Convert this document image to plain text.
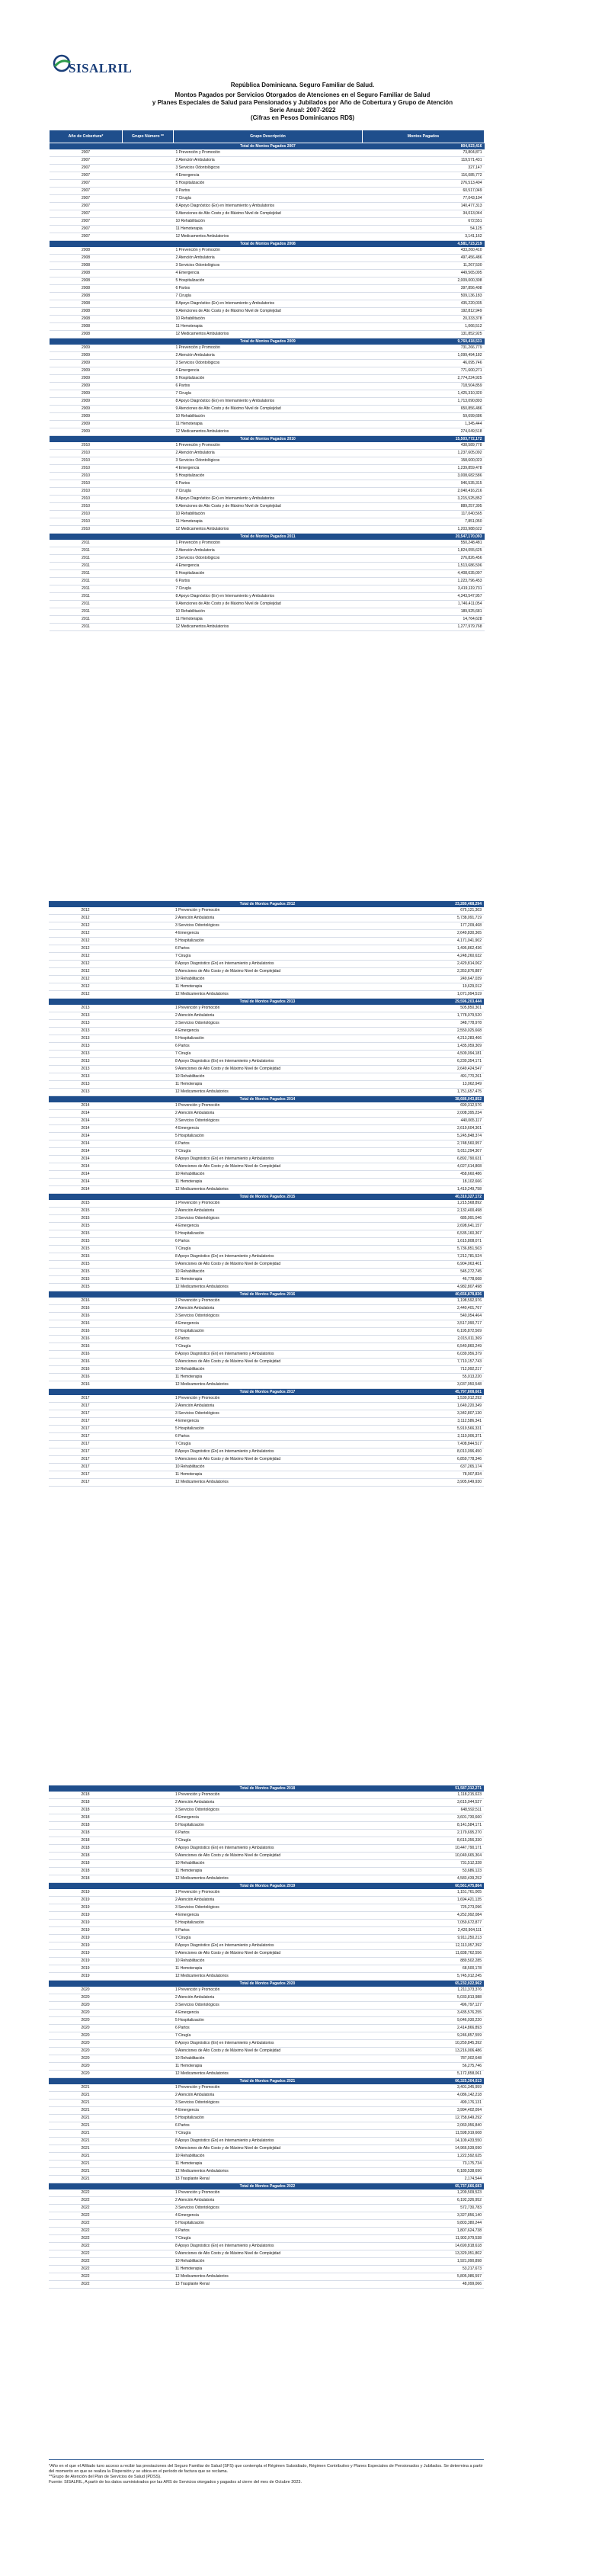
SISALRIL
República Dominicana. Seguro Familiar de Salud.
Montos Pagados por Servicios Otorgados de Atenciones en el Seguro Familiar de Salud
y Planes Especiales de Salud para Pensionados y Jubilados por Año de Cobertura y Grupo de Atención
Serie Anual: 2007-2022
(Cifras en Pesos Dominicanos RD$)
Año de Cobertura*	Grupo Número **	Grupo Descripción	Montos Pagados
		Total de Montos Pagados 2007	804,023,416
2007		1 Prevención y Promoción	73,804,871
2007		2 Atención Ambulatoria	119,571,431
2007		3 Servicios Odontológicos	327,147
2007		4 Emergencia	116,085,772
2007		5 Hospitalización	276,513,404
2007		6 Partos	60,517,049
2007		7 Cirugía	77,043,104
2007		8 Apoyo Diagnóstico (En) en Internamiento y Ambulatorios	140,477,313
2007		9 Atenciones de Alto Costo y de Máximo Nivel de Complejidad	34,013,044
2007		10 Rehabilitación	672,551
2007		11 Hemoterapia	54,125
2007		12 Medicamentos Ambulatorios	3,141,162
		Total de Montos Pagados 2008	4,581,723,219
2008		1 Prevención y Promoción	433,260,410
2008		2 Atención Ambulatoria	497,456,486
2008		3 Servicios Odontológicos	11,267,530
2008		4 Emergencia	449,565,095
2008		5 Hospitalización	2,009,000,308
2008		6 Partos	397,856,408
2008		7 Cirugía	509,136,183
2008		8 Apoyo Diagnóstico (En) en Internamiento y Ambulatorios	435,220,035
2008		9 Atenciones de Alto Costo y de Máximo Nivel de Complejidad	192,812,949
2008		10 Rehabilitación	20,333,378
2008		11 Hemoterapia	1,066,512
2008		12 Medicamentos Ambulatorios	131,852,925
		Total de Montos Pagados 2009	9,760,418,531
2009		1 Prevención y Promoción	731,266,779
2009		2 Atención Ambulatoria	1,099,494,182
2009		3 Servicios Odontológicos	46,095,746
2009		4 Emergencia	771,600,271
2009		5 Hospitalización	2,774,224,925
2009		6 Partos	718,504,859
2009		7 Cirugía	1,425,310,320
2009		8 Apoyo Diagnóstico (En) en Internamiento y Ambulatorios	1,713,090,893
2009		9 Atenciones de Alto Costo y de Máximo Nivel de Complejidad	650,856,486
2009		10 Rehabilitación	59,699,686
2009		11 Hemoterapia	1,345,444
2009		12 Medicamentos Ambulatorios	274,049,518
		Total de Montos Pagados 2010	15,503,772,172
2010		1 Prevención y Promoción	438,589,778
2010		2 Atención Ambulatoria	1,237,605,092
2010		3 Servicios Odontológicos	158,600,023
2010		4 Emergencia	1,239,859,478
2010		5 Hospitalización	3,008,682,586
2010		6 Partos	946,535,315
2010		7 Cirugía	2,040,416,216
2010		8 Apoyo Diagnóstico (En) en Internamiento y Ambulatorios	3,215,525,852
2010		9 Atenciones de Alto Costo y de Máximo Nivel de Complejidad	889,257,395
2010		10 Rehabilitación	117,040,565
2010		11 Hemoterapia	7,851,050
2010		12 Medicamentos Ambulatorios	1,203,988,622
		Total de Montos Pagados 2011	20,547,170,093
2011		1 Prevención y Promoción	550,248,481
2011		2 Atención Ambulatoria	1,824,055,625
2011		3 Servicios Odontológicos	276,826,456
2011		4 Emergencia	1,513,686,596
2011		5 Hospitalización	4,408,635,097
2011		6 Partos	1,223,796,453
2011		7 Cirugía	3,419,119,731
2011		8 Apoyo Diagnóstico (En) en Internamiento y Ambulatorios	4,343,547,957
2011		9 Atenciones de Alto Costo y de Máximo Nivel de Complejidad	1,746,411,054
2011		10 Rehabilitación	189,925,681
2011		11 Hemoterapia	14,764,628
2011		12 Medicamentos Ambulatorios	1,277,979,768
		Total de Montos Pagados 2012	23,280,468,294
2012		1 Prevención y Promoción	675,121,303
2012		2 Atención Ambulatoria	5,738,091,719
2012		3 Servicios Odontológicos	177,209,468
2012		4 Emergencia	2,649,830,365
2012		5 Hospitalización	4,171,041,902
2012		6 Partos	1,495,862,436
2012		7 Cirugía	4,248,260,632
2012		8 Apoyo Diagnóstico (En) en Internamiento y Ambulatorios	2,429,814,062
2012		9 Atenciones de Alto Costo y de Máximo Nivel de Complejidad	2,353,876,887
2012		10 Rehabilitación	249,647,039
2012		11 Hemoterapia	19,629,012
2012		12 Medicamentos Ambulatorios	1,071,994,519
		Total de Montos Pagados 2013	29,596,203,444
2013		1 Prevención y Promoción	505,850,301
2013		2 Atención Ambulatoria	1,778,079,520
2013		3 Servicios Odontológicos	348,778,978
2013		4 Emergencia	2,550,025,668
2013		5 Hospitalización	4,213,283,466
2013		6 Partos	1,435,059,309
2013		7 Cirugía	4,509,094,181
2013		8 Apoyo Diagnóstico (En) en Internamiento y Ambulatorios	6,230,354,171
2013		9 Atenciones de Alto Costo y de Máximo Nivel de Complejidad	2,649,424,547
2013		10 Rehabilitación	491,770,261
2013		11 Hemoterapia	13,062,949
2013		12 Medicamentos Ambulatorios	1,751,657,475
		Total de Montos Pagados 2014	38,686,043,852
2014		1 Prevención y Promoción	690,312,576
2014		2 Atención Ambulatoria	2,008,395,234
2014		3 Servicios Odontológicos	440,065,117
2014		4 Emergencia	2,619,604,301
2014		5 Hospitalización	5,245,848,374
2014		6 Partos	2,748,560,957
2014		7 Cirugía	5,011,294,307
2014		8 Apoyo Diagnóstico (En) en Internamiento y Ambulatorios	6,892,790,631
2014		9 Atenciones de Alto Costo y de Máximo Nivel de Complejidad	4,027,614,808
2014		10 Rehabilitación	458,660,486
2014		11 Hemoterapia	18,102,666
2014		12 Medicamentos Ambulatorios	1,419,249,758
		Total de Montos Pagados 2015	40,310,327,172
2015		1 Prevención y Promoción	1,215,568,892
2015		2 Atención Ambulatoria	2,132,400,498
2015		3 Servicios Odontológicos	685,991,046
2015		4 Emergencia	2,698,641,157
2015		5 Hospitalización	6,535,160,367
2015		6 Partos	1,615,808,071
2015		7 Cirugía	5,736,851,503
2015		8 Apoyo Diagnóstico (En) en Internamiento y Ambulatorios	7,212,781,524
2015		9 Atenciones de Alto Costo y de Máximo Nivel de Complejidad	6,904,063,401
2015		10 Rehabilitación	545,272,745
2015		11 Hemoterapia	46,778,668
2015		12 Medicamentos Ambulatorios	4,982,807,498
		Total de Montos Pagados 2016	40,656,878,836
2016		1 Prevención y Promoción	1,198,592,976
2016		2 Atención Ambulatoria	2,440,401,767
2016		3 Servicios Odontológicos	540,054,464
2016		4 Emergencia	3,517,090,717
2016		5 Hospitalización	6,195,872,569
2016		6 Partos	2,015,011,369
2016		7 Cirugía	6,540,860,249
2016		8 Apoyo Diagnóstico (En) en Internamiento y Ambulatorios	6,039,956,379
2016		9 Atenciones de Alto Costo y de Máximo Nivel de Complejidad	7,710,157,743
2016		10 Rehabilitación	712,992,217
2016		11 Hemoterapia	55,013,220
2016		12 Medicamentos Ambulatorios	3,037,950,548
		Total de Montos Pagados 2017	45,797,808,661
2017		1 Prevención y Promoción	1,530,012,292
2017		2 Atención Ambulatoria	1,649,220,349
2017		3 Servicios Odontológicos	3,342,807,130
2017		4 Emergencia	3,112,586,341
2017		5 Hospitalización	5,919,566,331
2017		6 Partos	2,110,006,371
2017		7 Cirugía	7,408,844,517
2017		8 Apoyo Diagnóstico (En) en Internamiento y Ambulatorios	8,013,096,450
2017		9 Atenciones de Alto Costo y de Máximo Nivel de Complejidad	6,859,778,346
2017		10 Rehabilitación	637,265,174
2017		11 Hemoterapia	78,907,834
2017		12 Medicamentos Ambulatorios	3,905,649,930
		Total de Montos Pagados 2018	51,587,312,271
2018		1 Prevención y Promoción	1,118,215,623
2018		2 Atención Ambulatoria	3,615,044,527
2018		3 Servicios Odontológicos	648,592,511
2018		4 Emergencia	3,601,730,660
2018		5 Hospitalización	8,141,584,171
2018		6 Partos	2,179,695,270
2018		7 Cirugía	8,615,356,330
2018		8 Apoyo Diagnóstico (En) en Internamiento y Ambulatorios	10,447,790,171
2018		9 Atenciones de Alto Costo y de Máximo Nivel de Complejidad	10,049,665,304
2018		10 Rehabilitación	731,512,328
2018		11 Hemoterapia	53,686,123
2018		12 Medicamentos Ambulatorios	4,583,439,252
		Total de Montos Pagados 2019	60,561,475,864
2019		1 Prevención y Promoción	1,151,761,005
2019		2 Atención Ambulatoria	1,694,421,135
2019		3 Servicios Odontológicos	725,273,096
2019		4 Emergencia	4,252,992,084
2019		5 Hospitalización	7,059,672,877
2019		6 Partos	2,420,904,111
2019		7 Cirugía	9,911,250,213
2019		8 Apoyo Diagnóstico (En) en Internamiento y Ambulatorios	12,113,057,392
2019		9 Atenciones de Alto Costo y de Máximo Nivel de Complejidad	11,838,762,556
2019		10 Rehabilitación	889,502,285
2019		11 Hemoterapia	68,500,178
2019		12 Medicamentos Ambulatorios	5,745,012,245
		Total de Montos Pagados 2020	65,232,022,962
2020		1 Prevención y Promoción	1,211,373,376
2020		2 Atención Ambulatoria	5,033,813,988
2020		3 Servicios Odontológicos	496,797,127
2020		4 Emergencia	3,435,576,255
2020		5 Hospitalización	9,046,030,220
2020		6 Partos	2,414,866,893
2020		7 Cirugía	9,246,857,559
2020		8 Apoyo Diagnóstico (En) en Internamiento y Ambulatorios	10,259,845,392
2020		9 Atenciones de Alto Costo y de Máximo Nivel de Complejidad	13,216,006,486
2020		10 Rehabilitación	787,002,648
2020		11 Hemoterapia	56,275,746
2020		12 Medicamentos Ambulatorios	5,172,858,061
		Total de Montos Pagados 2021	66,325,304,013
2021		1 Prevención y Promoción	3,401,345,959
2021		2 Atención Ambulatoria	4,086,142,218
2021		3 Servicios Odontológicos	499,176,131
2021		4 Emergencia	3,994,402,094
2021		5 Hospitalización	12,758,649,292
2021		6 Partos	2,060,956,840
2021		7 Cirugía	11,598,919,608
2021		8 Apoyo Diagnóstico (En) en Internamiento y Ambulatorios	14,109,433,550
2021		9 Atenciones de Alto Costo y de Máximo Nivel de Complejidad	14,966,539,690
2021		10 Rehabilitación	1,222,592,625
2021		11 Hemoterapia	73,175,734
2021		12 Medicamentos Ambulatorios	6,180,538,690
2021		13 Trasplante Renal	2,174,544
		Total de Montos Pagados 2022	65,737,666,683
2022		1 Prevención y Promoción	1,209,509,523
2022		2 Atención Ambulatoria	6,192,326,952
2022		3 Servicios Odontológicos	572,730,783
2022		4 Emergencia	3,327,856,140
2022		5 Hospitalización	9,803,380,244
2022		6 Partos	1,807,624,738
2022		7 Cirugía	11,902,079,538
2022		8 Apoyo Diagnóstico (En) en Internamiento y Ambulatorios	14,690,818,618
2022		9 Atenciones de Alto Costo y de Máximo Nivel de Complejidad	13,329,051,802
2022		10 Rehabilitación	1,921,090,898
2022		11 Hemoterapia	53,217,673
2022		12 Medicamentos Ambulatorios	5,805,986,597
2022		13 Trasplante Renal	48,099,066
*Año en el que el Afiliado tuvo acceso a recibir las prestaciones del Seguro Familiar de Salud (SFS) que contempla el Régimen Subsidiado, Régimen Contributivo y Planes Especiales de Pensionados y Jubilados. Se determina a partir del momento en que se realiza la Dispersión y se ubica en el período de factura que se reclama.
**Grupo de Atención del Plan de Servicios de Salud (PDSS).
Fuente: SISALRIL, A partir de los datos suministrados por las ARS de Servicios otorgados y pagados al cierre del mes de Octubre 2023.
